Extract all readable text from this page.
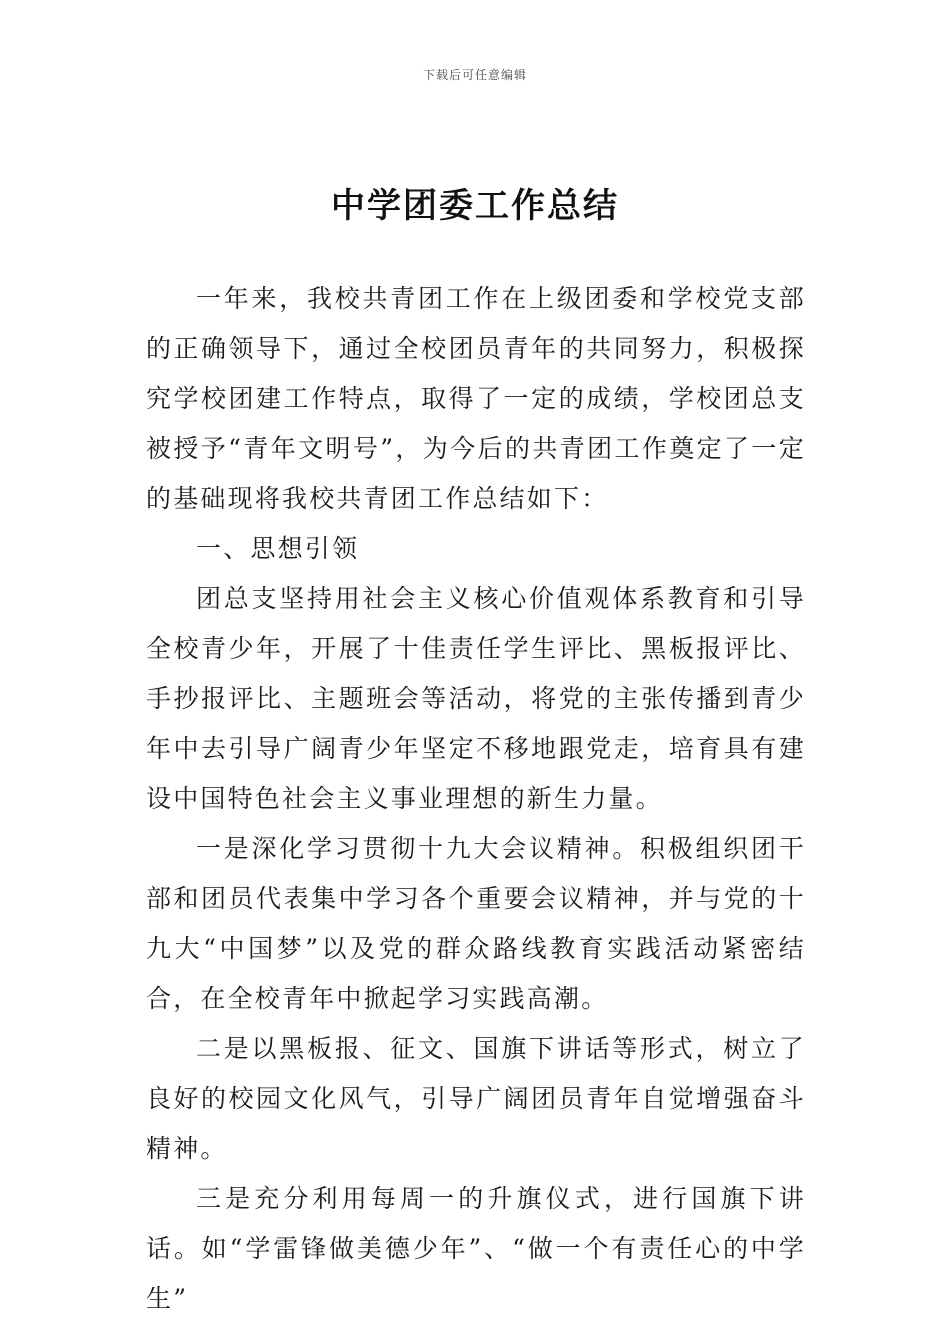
下载后可任意编辑
中学团委工作总结

一年来，我校共青团工作在上级团委和学校党支部的正确领导下，通过全校团员青年的共同努力，积极探究学校团建工作特点，取得了一定的成绩，学校团总支被授予“青年文明号”，为今后的共青团工作奠定了一定的基础现将我校共青团工作总结如下：

一、思想引领

团总支坚持用社会主义核心价值观体系教育和引导全校青少年，开展了十佳责任学生评比、黑板报评比、手抄报评比、主题班会等活动，将党的主张传播到青少年中去引导广阔青少年坚定不移地跟党走，培育具有建设中国特色社会主义事业理想的新生力量。

一是深化学习贯彻十九大会议精神。积极组织团干部和团员代表集中学习各个重要会议精神，并与党的十九大“中国梦”以及党的群众路线教育实践活动紧密结合，在全校青年中掀起学习实践高潮。

二是以黑板报、征文、国旗下讲话等形式，树立了良好的校园文化风气，引导广阔团员青年自觉增强奋斗精神。

三是充分利用每周一的升旗仪式，进行国旗下讲话。如“学雷锋做美德少年”、“做一个有责任心的中学生”
